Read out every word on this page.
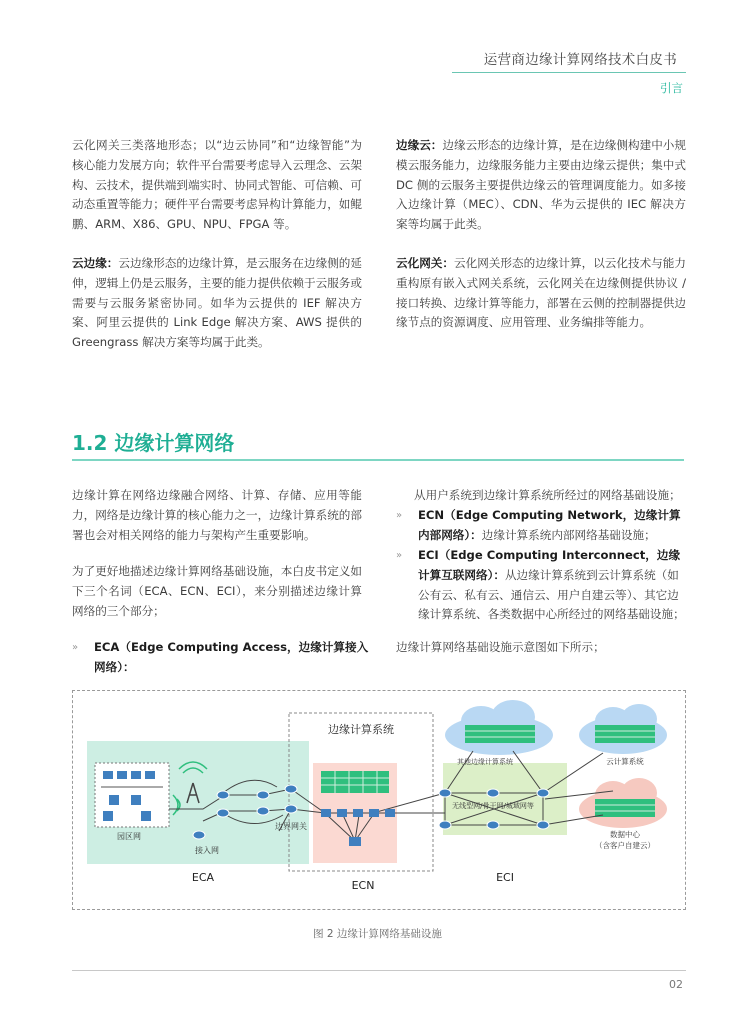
运营商边缘计算网络技术白皮书
引言
云化网关三类落地形态；以“边云协同”和“边缘智能”为核心能力发展方向；软件平台需要考虑导入云理念、云架构、云技术，提供端到端实时、协同式智能、可信赖、可动态重置等能力；硬件平台需要考虑异构计算能力，如鲲鹏、ARM、X86、GPU、NPU、FPGA 等。
云边缘：云边缘形态的边缘计算，是云服务在边缘侧的延伸，逻辑上仍是云服务，主要的能力提供依赖于云服务或需要与云服务紧密协同。如华为云提供的 IEF 解决方案、阿里云提供的 Link Edge 解决方案、AWS 提供的 Greengrass 解决方案等均属于此类。
边缘云：边缘云形态的边缘计算，是在边缘侧构建中小规模云服务能力，边缘服务能力主要由边缘云提供；集中式 DC 侧的云服务主要提供边缘云的管理调度能力。如多接入边缘计算（MEC）、CDN、华为云提供的 IEC 解决方案等均属于此类。
云化网关：云化网关形态的边缘计算，以云化技术与能力重构原有嵌入式网关系统，云化网关在边缘侧提供协议 / 接口转换、边缘计算等能力，部署在云侧的控制器提供边缘节点的资源调度、应用管理、业务编排等能力。
1.2 边缘计算网络
边缘计算在网络边缘融合网络、计算、存储、应用等能力，网络是边缘计算的核心能力之一，边缘计算系统的部署也会对相关网络的能力与架构产生重要影响。
为了更好地描述边缘计算网络基础设施，本白皮书定义如下三个名词（ECA、ECN、ECI），来分别描述边缘计算网络的三个部分；
» ECA（Edge Computing Access，边缘计算接入网络）：
从用户系统到边缘计算系统所经过的网络基础设施；
» ECN（Edge Computing Network，边缘计算内部网络）：边缘计算系统内部网络基础设施；
» ECI（Edge Computing Interconnect，边缘计算互联网络）：从边缘计算系统到云计算系统（如公有云、私有云、通信云、用户自建云等）、其它边缘计算系统、各类数据中心所经过的网络基础设施；
边缘计算网络基础设施示意图如下所示；
边缘计算系统
园区网
接入网
边界网关
其他边缘计算系统
无线型网/骨干网/城域网等
云计算系统
数据中心
（含客户自建云）
ECA
ECN
ECI
图 2 边缘计算网络基础设施
02
